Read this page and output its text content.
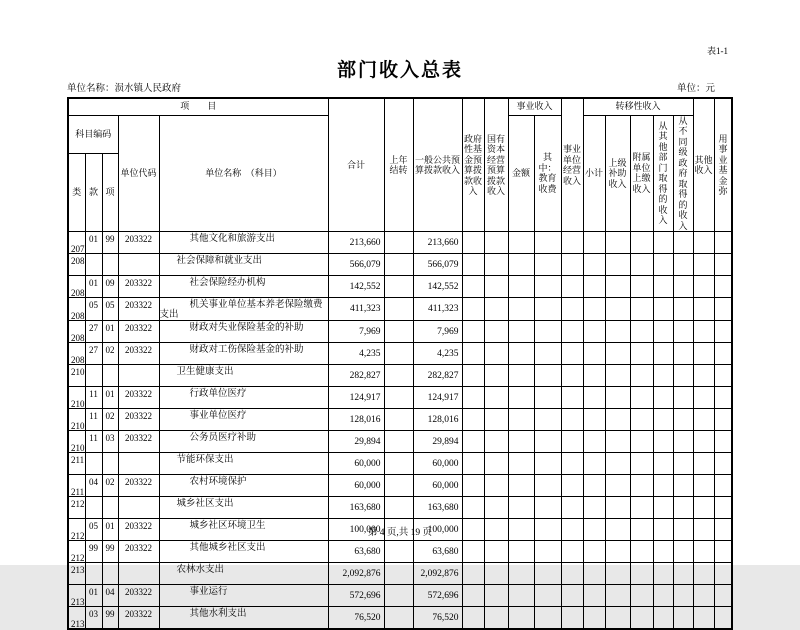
表1-1
部门收入总表
单位名称：涢水镇人民政府	单位：元
项　　目					合计	上年结转	一般公共预算拨款收入	政府性基金预算拨款收入	国有资本经营预算拨款收入	事业收入		事业单位经营收入	转移性收入					其他收入	用事业基金弥
科目编码			单位代码	单位名称　（科目）						金额	其中：教育收费		小计	上级补助收入	附属单位上缴收入	从其他部门取得的收入	从不同级政府取得的收入		
类	款	项																	
207	01	99	203322	其他文化和旅游支出	213,660		213,660												
208				社会保障和就业支出	566,079		566,079												
208	01	09	203322	社会保险经办机构	142,552		142,552												
208	05	05	203322	机关事业单位基本养老保险缴费支出	411,323		411,323												
208	27	01	203322	财政对失业保险基金的补助	7,969		7,969												
208	27	02	203322	财政对工伤保险基金的补助	4,235		4,235												
210				卫生健康支出	282,827		282,827												
210	11	01	203322	行政单位医疗	124,917		124,917												
210	11	02	203322	事业单位医疗	128,016		128,016												
210	11	03	203322	公务员医疗补助	29,894		29,894												
211				节能环保支出	60,000		60,000												
211	04	02	203322	农村环境保护	60,000		60,000												
212				城乡社区支出	163,680		163,680												
212	05	01	203322	城乡社区环境卫生	100,000		100,000												
212	99	99	203322	其他城乡社区支出	63,680		63,680												
213				农林水支出	2,092,876		2,092,876												
213	01	04	203322	事业运行	572,696		572,696												
213	03	99	203322	其他水利支出	76,520		76,520												
第 4 页,共 19 页
